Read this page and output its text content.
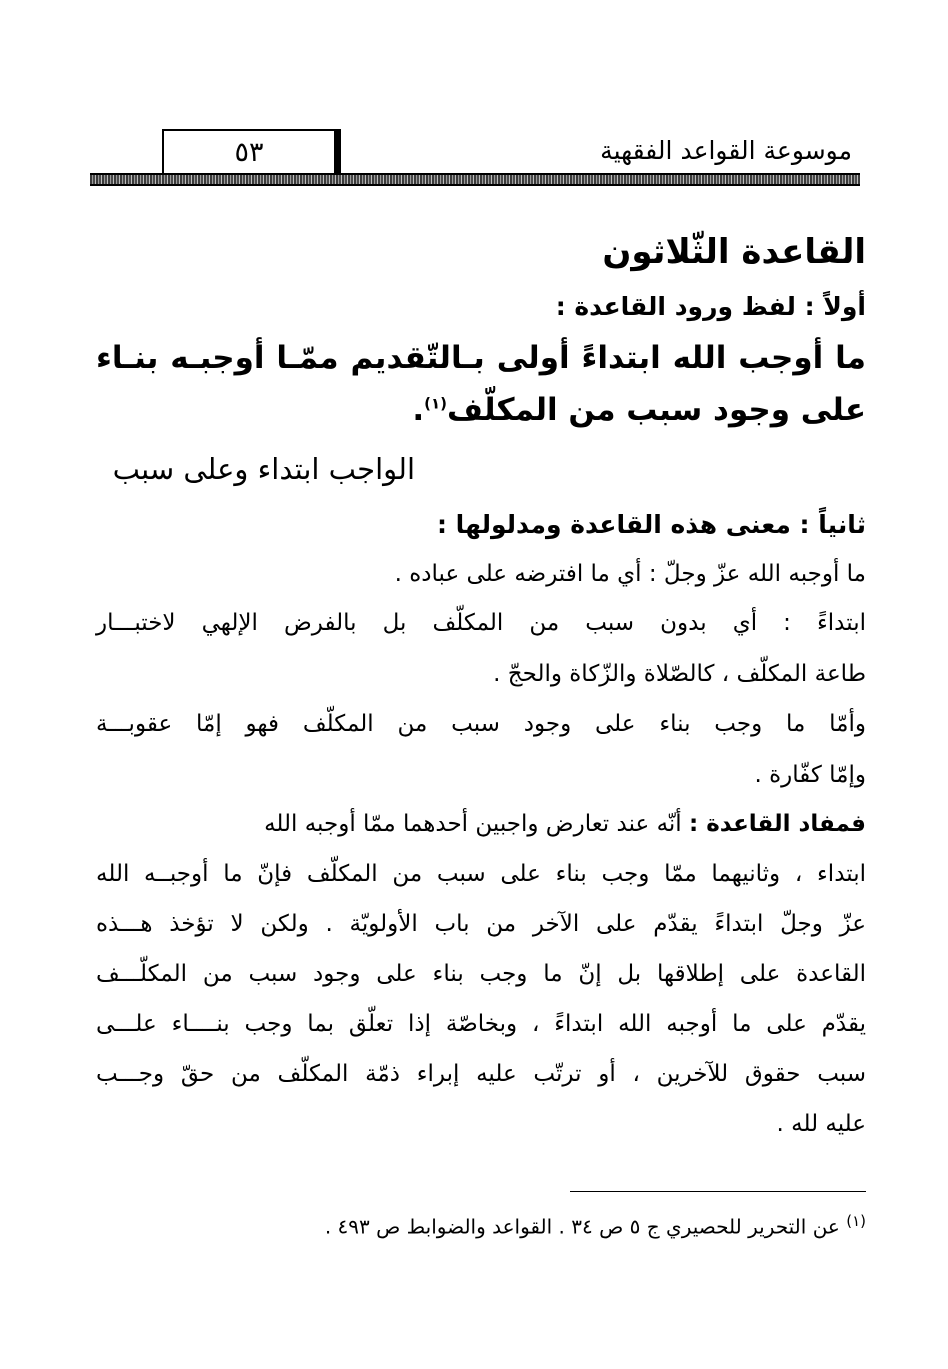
٥٣	موسوعة القواعد الفقهية
القاعدة الثّلاثون
أولاً : لفظ ورود القاعدة :
ما أوجب الله ابتداءً أولى بـالتّقديم ممّـا أوجبـه بنـاء
على وجود سبب من المكلّف$^{(١)}$.
الواجب ابتداء وعلى سبب
ثانياً : معنى هذه القاعدة ومدلولها :
ما أوجبه الله عزّ وجلّ : أي ما افترضه على عباده .
ابتداءً : أي بدون سبب من المكلّف بل بالفرض الإلهي لاختبـــار
طاعة المكلّف ، كالصّلاة والزّكاة والحجّ .
وأمّا ما وجب بناء على وجود سبب من المكلّف فهو إمّا عقوبـــة
وإمّا كفّارة .
فمفاد القاعدة : أنّه عند تعارض واجبين أحدهما ممّا أوجبه الله
ابتداء ، وثانيهما ممّا وجب بناء على سبب من المكلّف فإنّ ما أوجبــه الله
عزّ وجلّ ابتداءً يقدّم على الآخر من باب الأولويّة . ولكن لا تؤخذ هـــذه
القاعدة على إطلاقها بل إنّ ما وجب بناء على وجود سبب من المكلّـــف
يقدّم على ما أوجبه الله ابتداءً ، وبخاصّة إذا تعلّق بما وجب بنــــاء علـــى
سبب حقوق للآخرين ، أو ترتّب عليه إبراء ذمّة المكلّف من حقّ وجـــب
عليه لله .
$^{(١)}$ عن التحرير للحصيري ج ٥ ص ٣٤ . القواعد والضوابط ص ٤٩٣ .
